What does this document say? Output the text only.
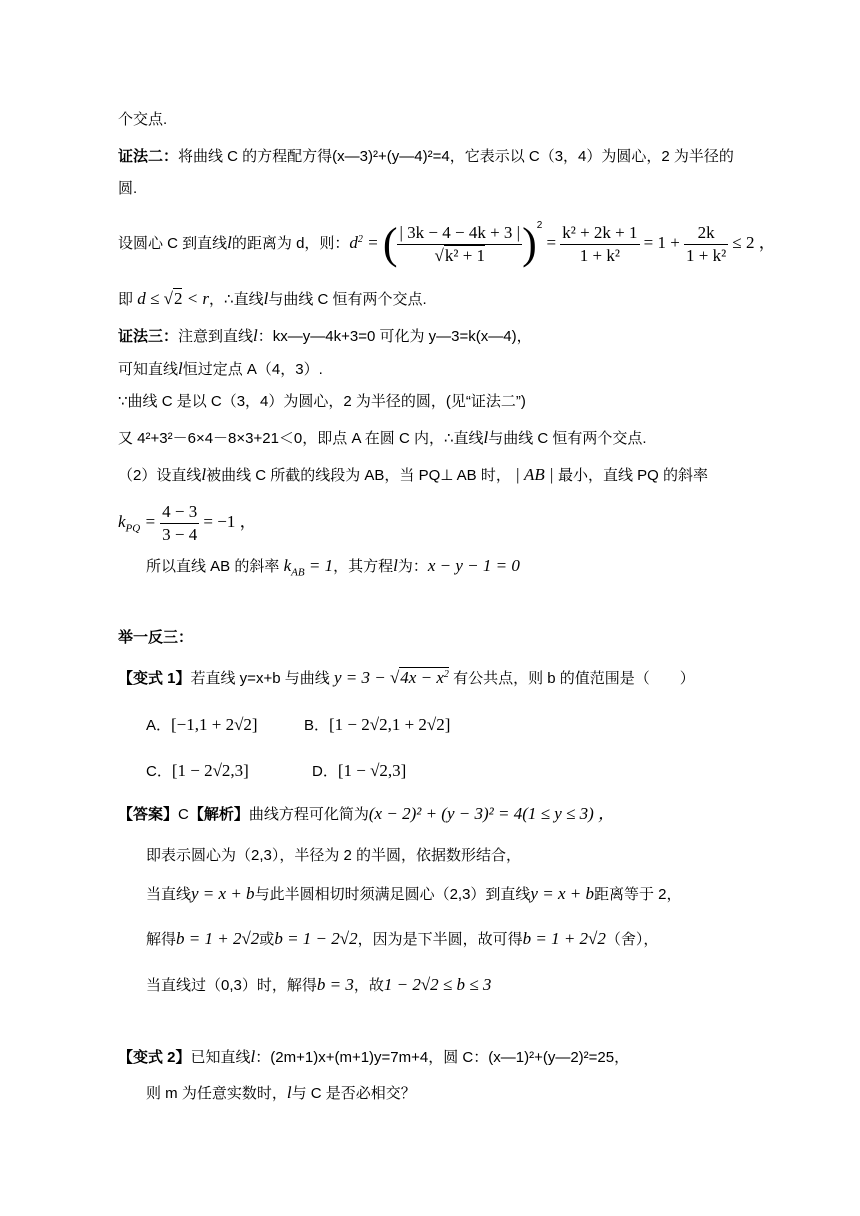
个交点.
证法二：将曲线 C 的方程配方得(x—3)²+(y—4)²=4，它表示以 C（3，4）为圆心，2 为半径的
圆.
设圆心 C 到直线l的距离为 d，则：$d^2$ = ( $\frac{| 3k - 4 - 4k + 3 |}{\text{√k² + 1}} )^2 = \frac{\text{k² + 2k + 1}}{\text{1 + k²}} = 1 + \frac{2k}{\text{1 + k²}} \le 2$ ，
即 d ≤ √2 < r，∴直线l与曲线 C 恒有两个交点.
证法三：注意到直线l：kx—y—4k+3=0 可化为 y—3=k(x—4)，
可知直线l恒过定点 A（4，3）.
∵曲线 C 是以 C（3，4）为圆心，2 为半径的圆，(见“证法二”)
又 4²+3²－6×4－8×3+21＜0，即点 A 在圆 C 内，∴直线l与曲线 C 恒有两个交点.
（2）设直线l被曲线 C 所截的线段为 AB，当 PQ⊥ AB 时， | AB | 最小，直线 PQ 的斜率
$k_{PQ} = \frac{4 - 3}{3 - 4} = -1$ ，
所以直线 AB 的斜率 $k_{AB} = 1$，其方程l为：x − y − 1 = 0
举一反三：
【变式 1】若直线 y=x+b 与曲线 $y = 3 - √4x - x^2$ 有公共点，则 b 的值范围是（　　）
A．[−1,1 + 2√2]	B．[1 − 2√2,1 + 2√2]
C．[1 − 2√2,3]	D．[1 − √2,3]
【答案】C【解析】曲线方程可化简为(x − 2)² + (y − 3)² = 4(1 ≤ y ≤ 3) ，
即表示圆心为（2,3），半径为 2 的半圆，依据数形结合，
当直线y = x + b与此半圆相切时须满足圆心（2,3）到直线y = x + b距离等于 2，
解得b = 1 + 2√2或b = 1 − 2√2，因为是下半圆，故可得b = 1 + 2√2（舍），
当直线过（0,3）时，解得b = 3，故1 − 2√2 ≤ b ≤ 3
【变式 2】已知直线l：(2m+1)x+(m+1)y=7m+4，圆 C：(x—1)²+(y—2)²=25，
则 m 为任意实数时，l与 C 是否必相交？
